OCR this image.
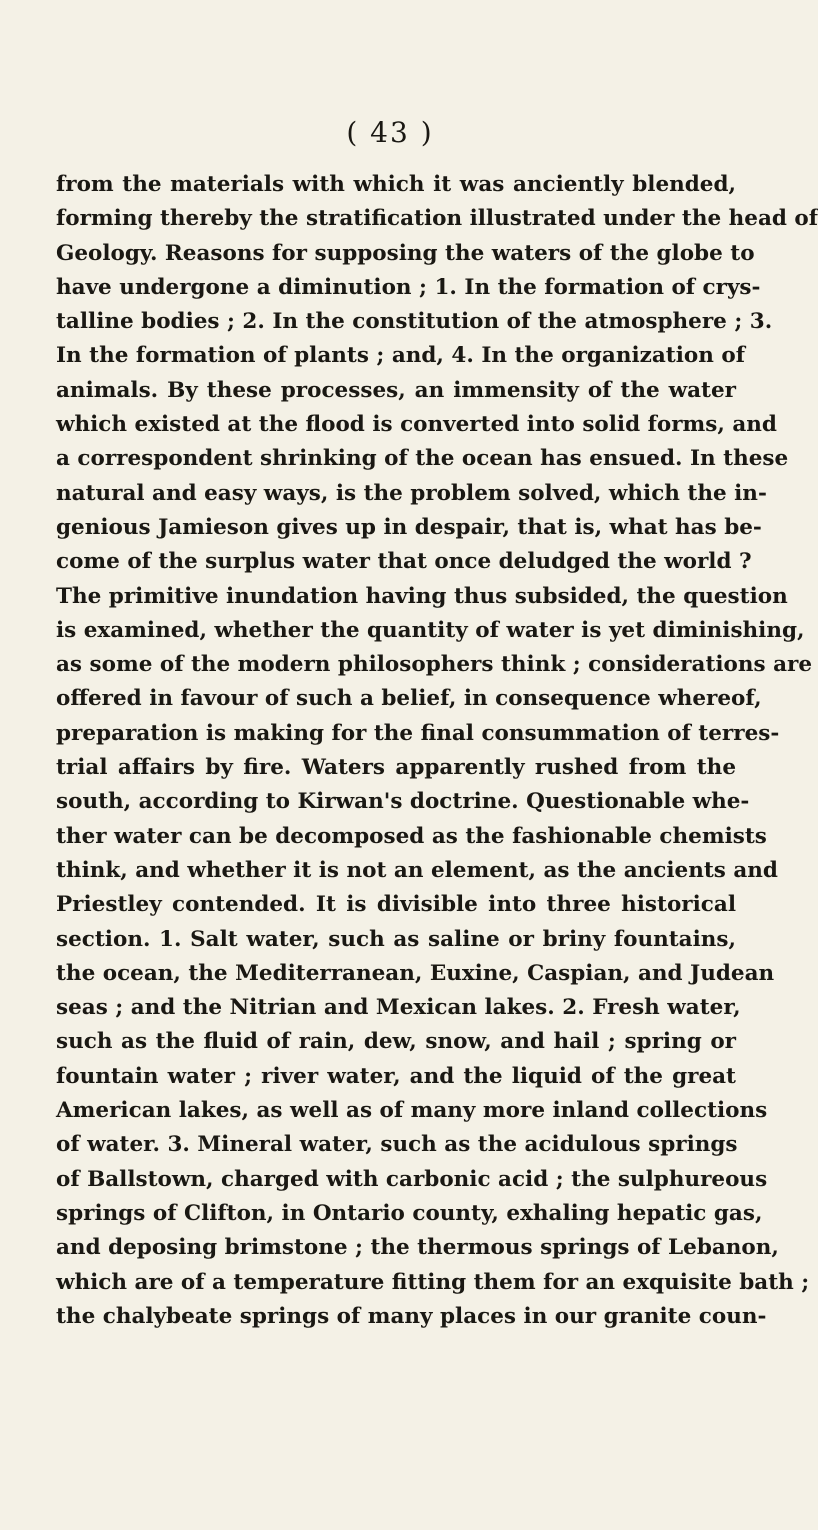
( 43 )
from the materials with which it was anciently blended,
forming thereby the stratification illustrated under the head of
Geology. Reasons for supposing the waters of the globe to
have undergone a diminution ; 1. In the formation of crys-
talline bodies ; 2. In the constitution of the atmosphere ; 3.
In the formation of plants ; and, 4. In the organization of
animals. By these processes, an immensity of the water
which existed at the flood is converted into solid forms, and
a correspondent shrinking of the ocean has ensued. In these
natural and easy ways, is the problem solved, which the in-
genious Jamieson gives up in despair, that is, what has be-
come of the surplus water that once deludged the world ?
The primitive inundation having thus subsided, the question
is examined, whether the quantity of water is yet diminishing,
as some of the modern philosophers think ; considerations are
offered in favour of such a belief, in consequence whereof,
preparation is making for the final consummation of terres-
trial affairs by fire. Waters apparently rushed from the
south, according to Kirwan's doctrine. Questionable whe-
ther water can be decomposed as the fashionable chemists
think, and whether it is not an element, as the ancients and
Priestley contended. It is divisible into three historical
section. 1. Salt water, such as saline or briny fountains,
the ocean, the Mediterranean, Euxine, Caspian, and Judean
seas ; and the Nitrian and Mexican lakes. 2. Fresh water,
such as the fluid of rain, dew, snow, and hail ; spring or
fountain water ; river water, and the liquid of the great
American lakes, as well as of many more inland collections
of water. 3. Mineral water, such as the acidulous springs
of Ballstown, charged with carbonic acid ; the sulphureous
springs of Clifton, in Ontario county, exhaling hepatic gas,
and deposing brimstone ; the thermous springs of Lebanon,
which are of a temperature fitting them for an exquisite bath ;
the chalybeate springs of many places in our granite coun-
